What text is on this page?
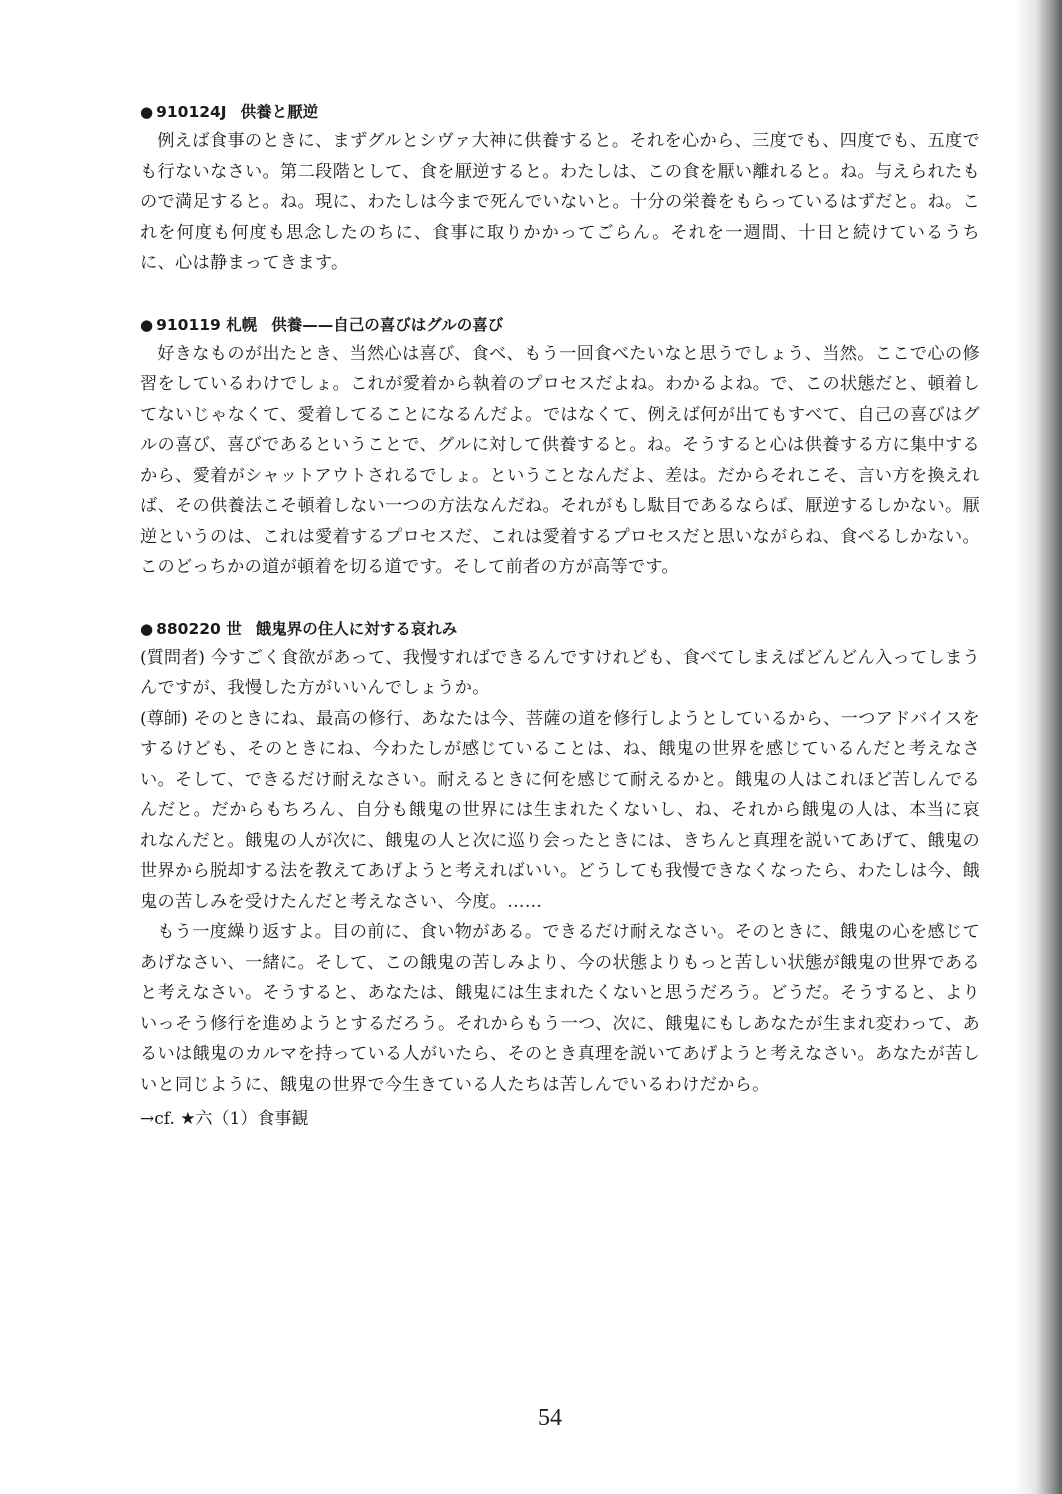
● 910124J 供養と厭逆

例えば食事のときに、まずグルとシヴァ大神に供養すると。それを心から、三度でも、四度でも、五度でも行ないなさい。第二段階として、食を厭逆すると。わたしは、この食を厭い離れると。ね。与えられたもので満足すると。ね。現に、わたしは今まで死んでいないと。十分の栄養をもらっているはずだと。ね。これを何度も何度も思念したのちに、食事に取りかかってごらん。それを一週間、十日と続けているうちに、心は静まってきます。

● 910119 札幌 供養——自己の喜びはグルの喜び

好きなものが出たとき、当然心は喜び、食べ、もう一回食べたいなと思うでしょう、当然。ここで心の修習をしているわけでしょ。これが愛着から執着のプロセスだよね。わかるよね。で、この状態だと、頓着してないじゃなくて、愛着してることになるんだよ。ではなくて、例えば何が出てもすべて、自己の喜びはグルの喜び、喜びであるということで、グルに対して供養すると。ね。そうすると心は供養する方に集中するから、愛着がシャットアウトされるでしょ。ということなんだよ、差は。だからそれこそ、言い方を換えれば、その供養法こそ頓着しない一つの方法なんだね。それがもし駄目であるならば、厭逆するしかない。厭逆というのは、これは愛着するプロセスだ、これは愛着するプロセスだと思いながらね、食べるしかない。このどっちかの道が頓着を切る道です。そして前者の方が高等です。

● 880220 世 餓鬼界の住人に対する哀れみ

(質問者) 今すごく食欲があって、我慢すればできるんですけれども、食べてしまえばどんどん入ってしまうんですが、我慢した方がいいんでしょうか。

(尊師) そのときにね、最高の修行、あなたは今、菩薩の道を修行しようとしているから、一つアドバイスをするけども、そのときにね、今わたしが感じていることは、ね、餓鬼の世界を感じているんだと考えなさい。そして、できるだけ耐えなさい。耐えるときに何を感じて耐えるかと。餓鬼の人はこれほど苦しんでるんだと。だからもちろん、自分も餓鬼の世界には生まれたくないし、ね、それから餓鬼の人は、本当に哀れなんだと。餓鬼の人が次に、餓鬼の人と次に巡り会ったときには、きちんと真理を説いてあげて、餓鬼の世界から脱却する法を教えてあげようと考えればいい。どうしても我慢できなくなったら、わたしは今、餓鬼の苦しみを受けたんだと考えなさい、今度。……

もう一度繰り返すよ。目の前に、食い物がある。できるだけ耐えなさい。そのときに、餓鬼の心を感じてあげなさい、一緒に。そして、この餓鬼の苦しみより、今の状態よりもっと苦しい状態が餓鬼の世界であると考えなさい。そうすると、あなたは、餓鬼には生まれたくないと思うだろう。どうだ。そうすると、よりいっそう修行を進めようとするだろう。それからもう一つ、次に、餓鬼にもしあなたが生まれ変わって、あるいは餓鬼のカルマを持っている人がいたら、そのとき真理を説いてあげようと考えなさい。あなたが苦しいと同じように、餓鬼の世界で今生きている人たちは苦しんでいるわけだから。

→cf. ★六（1）食事観
54
